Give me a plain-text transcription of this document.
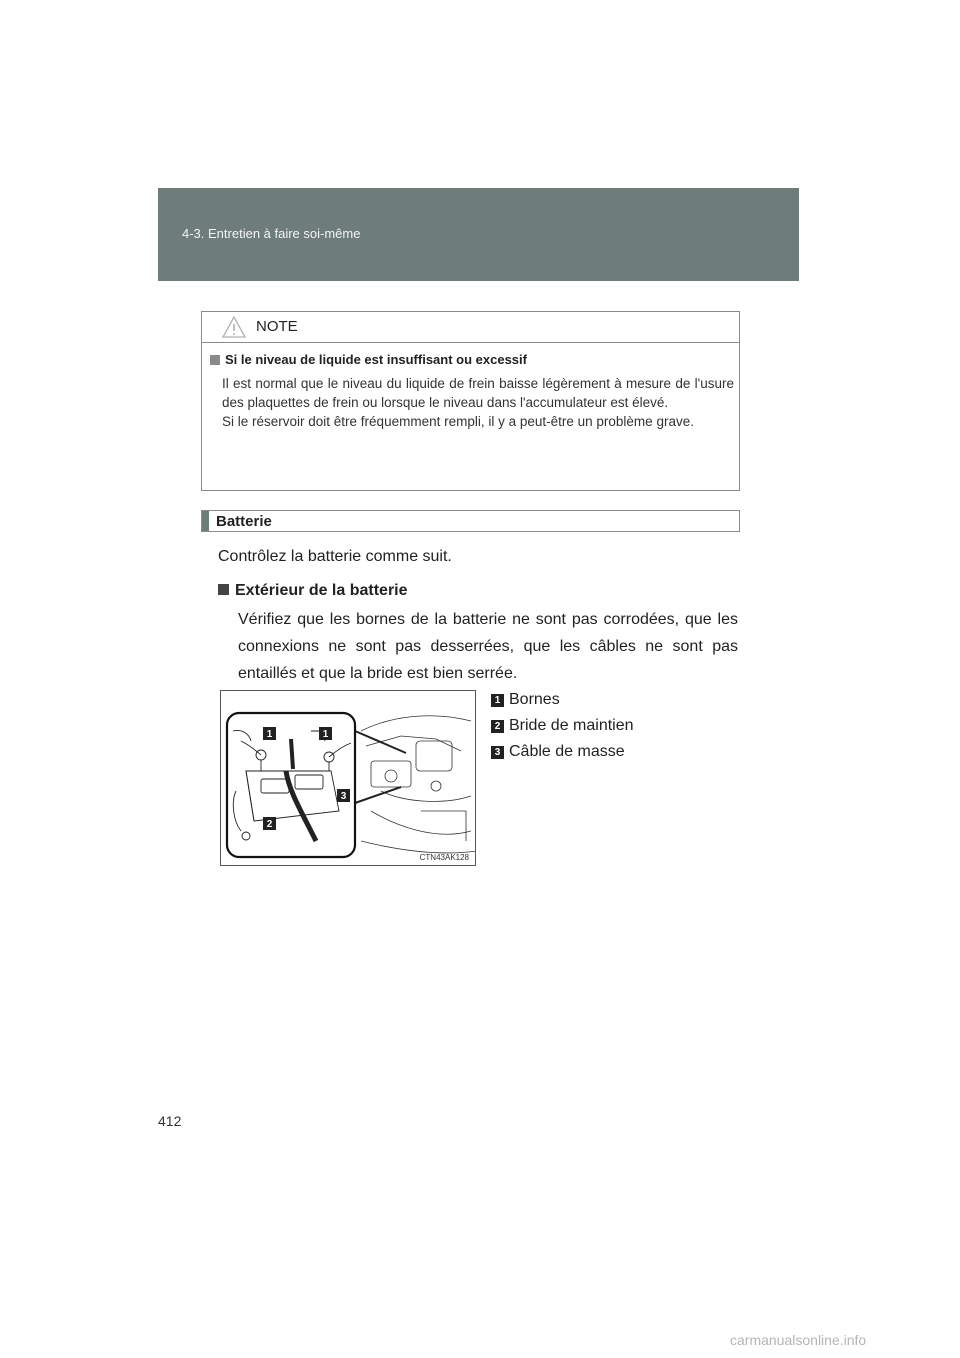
4-3. Entretien à faire soi-même
NOTE
Si le niveau de liquide est insuffisant ou excessif

Il est normal que le niveau du liquide de frein baisse légèrement à mesure de l'usure des plaquettes de frein ou lorsque le niveau dans l'accumulateur est élevé.

Si le réservoir doit être fréquemment rempli, il y a peut-être un problème grave.

Batterie
Contrôlez la batterie comme suit.
Extérieur de la batterie
Vérifiez que les bornes de la batterie ne sont pas corrodées, que les connexions ne sont pas desserrées, que les câbles ne sont pas entaillés et que la bride est bien serrée.
1	1
3
2
CTN43AK128
1 Bornes
2 Bride de maintien
3 Câble de masse
412
carmanualsonline.info
